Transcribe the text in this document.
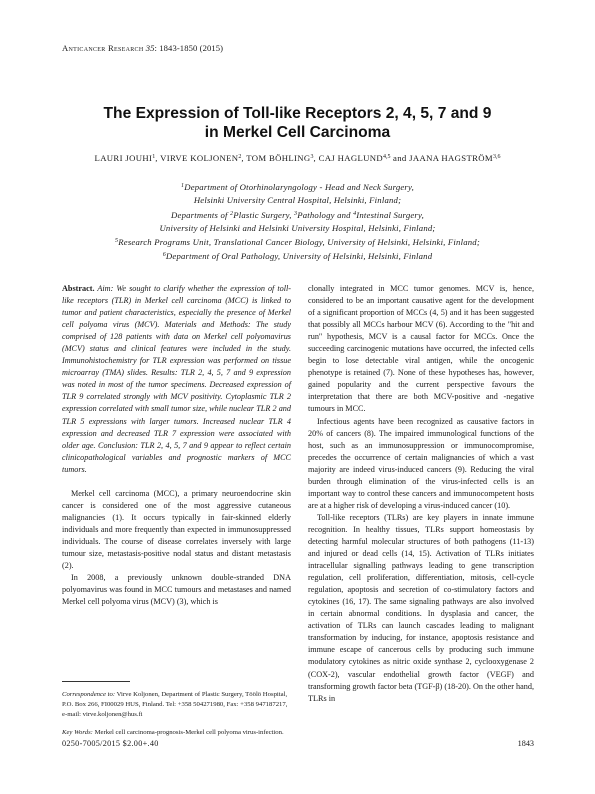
Anticancer Research 35: 1843-1850 (2015)
The Expression of Toll-like Receptors 2, 4, 5, 7 and 9
in Merkel Cell Carcinoma
LAURI JOUHI$^1$, VIRVE KOLJONEN$^2$, TOM BÖHLING$^3$, CAJ HAGLUND$^{4,5}$ and JAANA HAGSTRÖM$^{3,6}$
$^1$Department of Otorhinolaryngology - Head and Neck Surgery,
Helsinki University Central Hospital, Helsinki, Finland;
Departments of $^2$Plastic Surgery, $^3$Pathology and $^4$Intestinal Surgery,
University of Helsinki and Helsinki University Hospital, Helsinki, Finland;
$^5$Research Programs Unit, Translational Cancer Biology, University of Helsinki, Helsinki, Finland;
$^6$Department of Oral Pathology, University of Helsinki, Helsinki, Finland

Abstract. Aim: We sought to clarify whether the expression of toll-like receptors (TLR) in Merkel cell carcinoma (MCC) is linked to tumor and patient characteristics, especially the presence of Merkel cell polyoma virus (MCV). Materials and Methods: The study comprised of 128 patients with data on Merkel cell polyomavirus (MCV) status and clinical features were included in the study. Immunohistochemistry for TLR expression was performed on tissue microarray (TMA) slides. Results: TLR 2, 4, 5, 7 and 9 expression was noted in most of the tumor specimens. Decreased expression of TLR 9 correlated strongly with MCV positivity. Cytoplasmic TLR 2 expression correlated with small tumor size, while nuclear TLR 2 and TLR 5 expressions with larger tumors. Increased nuclear TLR 4 expression and decreased TLR 7 expression were associated with older age. Conclusion: TLR 2, 4, 5, 7 and 9 appear to reflect certain clinicopathological variables and prognostic markers of MCC tumors.

Merkel cell carcinoma (MCC), a primary neuroendocrine skin cancer is considered one of the most aggressive cutaneous malignancies (1). It occurs typically in fair-skinned elderly individuals and more frequently than expected in immunosuppressed individuals. The course of disease correlates inversely with large tumour size, metastasis-positive nodal status and distant metastasis (2).

In 2008, a previously unknown double-stranded DNA polyomavirus was found in MCC tumours and metastases and named Merkel cell polyoma virus (MCV) (3), which is

clonally integrated in MCC tumor genomes. MCV is, hence, considered to be an important causative agent for the development of a significant proportion of MCCs (4, 5) and it has been suggested that possibly all MCCs harbour MCV (6). According to the "hit and run" hypothesis, MCV is a causal factor for MCCs. Once the succeeding carcinogenic mutations have occurred, the infected cells begin to lose detectable viral antigen, while the oncogenic phenotype is retained (7). None of these hypotheses has, however, gained popularity and the current perspective favours the interpretation that there are both MCV-positive and -negative tumours in MCC.

Infectious agents have been recognized as causative factors in 20% of cancers (8). The impaired immunological functions of the host, such as an immunosuppression or immunocompromise, precedes the occurrence of certain malignancies of which a vast majority are indeed virus-induced cancers (9). Reducing the viral burden through elimination of the virus-infected cells is an important way to control these cancers and immunocompetent hosts are at a higher risk of developing a virus-induced cancer (10).

Toll-like receptors (TLRs) are key players in innate immune recognition. In healthy tissues, TLRs support homeostasis by detecting harmful molecular structures of both pathogens (11-13) and injured or dead cells (14, 15). Activation of TLRs initiates intracellular signalling pathways leading to gene transcription regulation, cell proliferation, differentiation, mitosis, cell-cycle regulation, apoptosis and secretion of co-stimulatory factors and cytokines (16, 17). The same signaling pathways are also involved in certain abnormal conditions. In dysplasia and cancer, the activation of TLRs can launch cascades leading to malignant transformation by inducing, for instance, apoptosis resistance and immune escape of cancerous cells by producing such immune modulatory cytokines as nitric oxide synthase 2, cyclooxygenase 2 (COX-2), vascular endothelial growth factor (VEGF) and transforming growth factor beta (TGF-β) (18-20). On the other hand, TLRs in

Correspondence to: Virve Koljonen, Department of Plastic Surgery, Töölö Hospital, P.O. Box 266, FI00029 HUS, Finland. Tel: +358 504271980, Fax: +358 947187217, e-mail: virve.koljonen@hus.fi
Key Words: Merkel cell carcinoma-prognosis-Merkel cell polyoma virus-infection.
0250-7005/2015 $2.00+.40	1843
